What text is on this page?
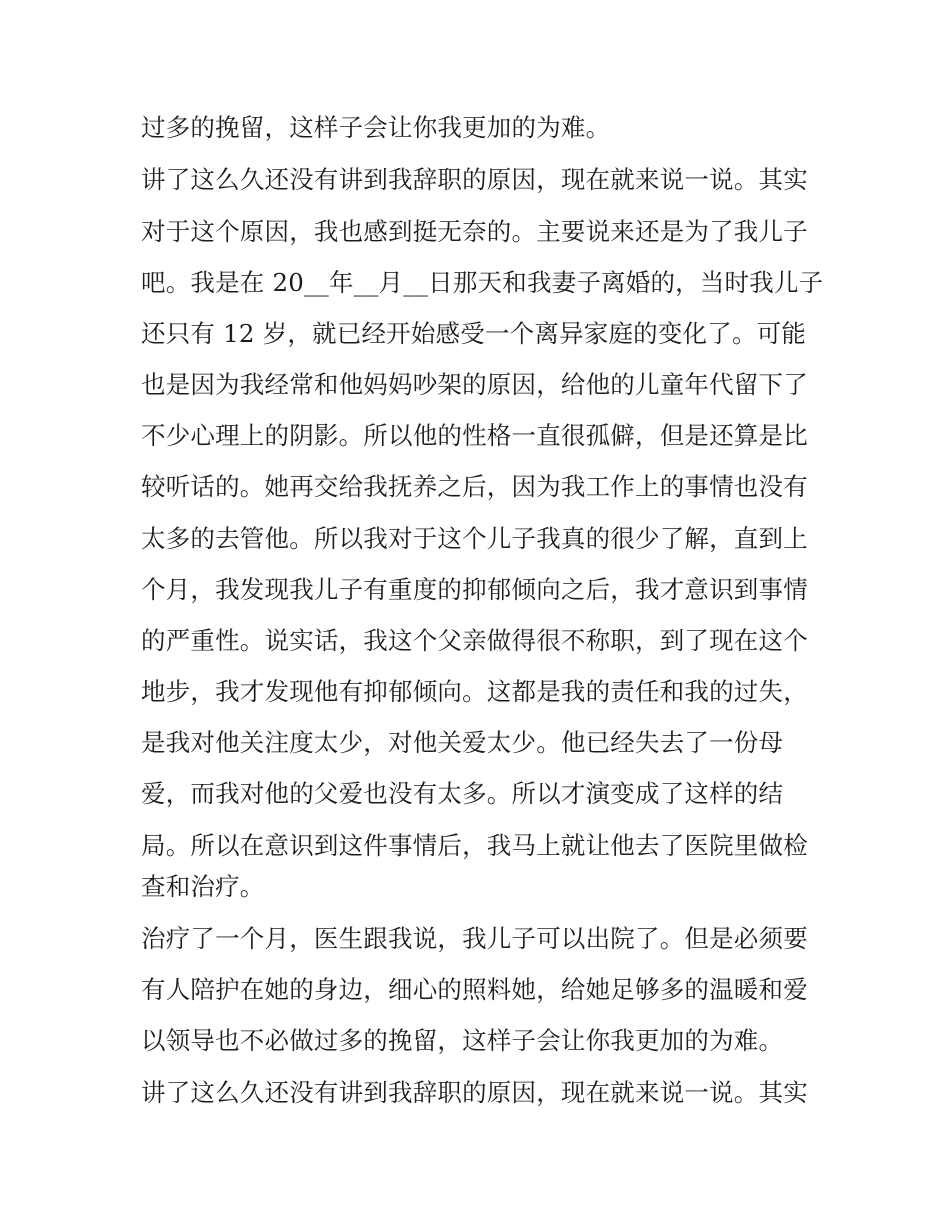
过多的挽留，这样子会让你我更加的为难。
讲了这么久还没有讲到我辞职的原因，现在就来说一说。其实
对于这个原因，我也感到挺无奈的。主要说来还是为了我儿子
吧。我是在 20__年__月__日那天和我妻子离婚的，当时我儿子
还只有 12 岁，就已经开始感受一个离异家庭的变化了。可能
也是因为我经常和他妈妈吵架的原因，给他的儿童年代留下了
不少心理上的阴影。所以他的性格一直很孤僻，但是还算是比
较听话的。她再交给我抚养之后，因为我工作上的事情也没有
太多的去管他。所以我对于这个儿子我真的很少了解，直到上
个月，我发现我儿子有重度的抑郁倾向之后，我才意识到事情
的严重性。说实话，我这个父亲做得很不称职，到了现在这个
地步，我才发现他有抑郁倾向。这都是我的责任和我的过失，
是我对他关注度太少，对他关爱太少。他已经失去了一份母
爱，而我对他的父爱也没有太多。所以才演变成了这样的结
局。所以在意识到这件事情后，我马上就让他去了医院里做检
查和治疗。
治疗了一个月，医生跟我说，我儿子可以出院了。但是必须要
有人陪护在她的身边，细心的照料她，给她足够多的温暖和爱
以领导也不必做过多的挽留，这样子会让你我更加的为难。
讲了这么久还没有讲到我辞职的原因，现在就来说一说。其实
